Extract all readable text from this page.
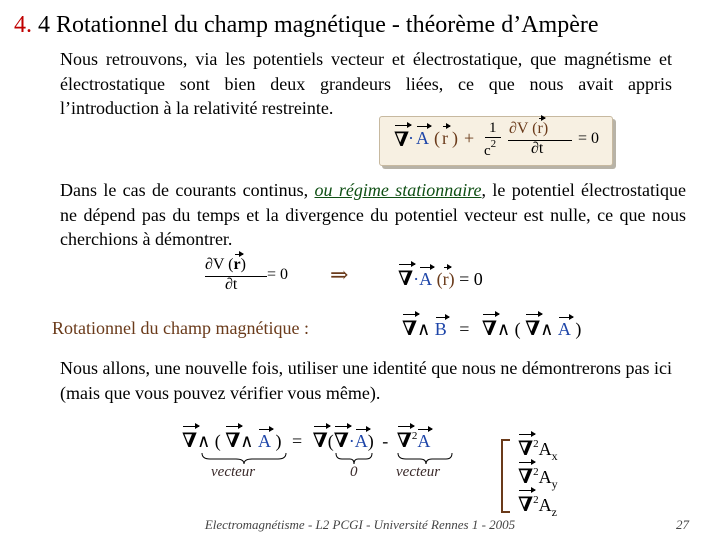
4. 4 Rotationnel du champ magnétique - théorème d’Ampère
Nous retrouvons, via les potentiels vecteur et électrostatique, que magnétisme et électrostatique sont bien deux grandeurs liées, ce que nous avait appris l’introduction à la relativité restreinte.
∇
· A ( r ) + 1
$c^2$
∂V (r)
∂t
= 0
Dans le cas de courants continus, ou régime stationnaire, le potentiel électrostatique ne dépend pas du temps et la divergence du potentiel vecteur est nulle, ce que nous cherchions à démontrer.
∂V (r)
∂t
= 0 ⇒ ∇·A (r) = 0
Rotationnel du champ magnétique :	∇∧ B = ∇∧ ( ∇∧ A )
Nous allons, une nouvelle fois, utiliser une identité que nous ne démontrerons pas ici (mais que vous pouvez vérifier vous même).
∇∧ ( ∇∧ A ) = ∇(∇·A) - ∇$^2$A
vecteur	0	vecteur
$\nabla^2A_x$
$\nabla^2A_y$
$\nabla^2A_z$
Electromagnétisme - L2 PCGI - Université Rennes 1 - 2005	27
